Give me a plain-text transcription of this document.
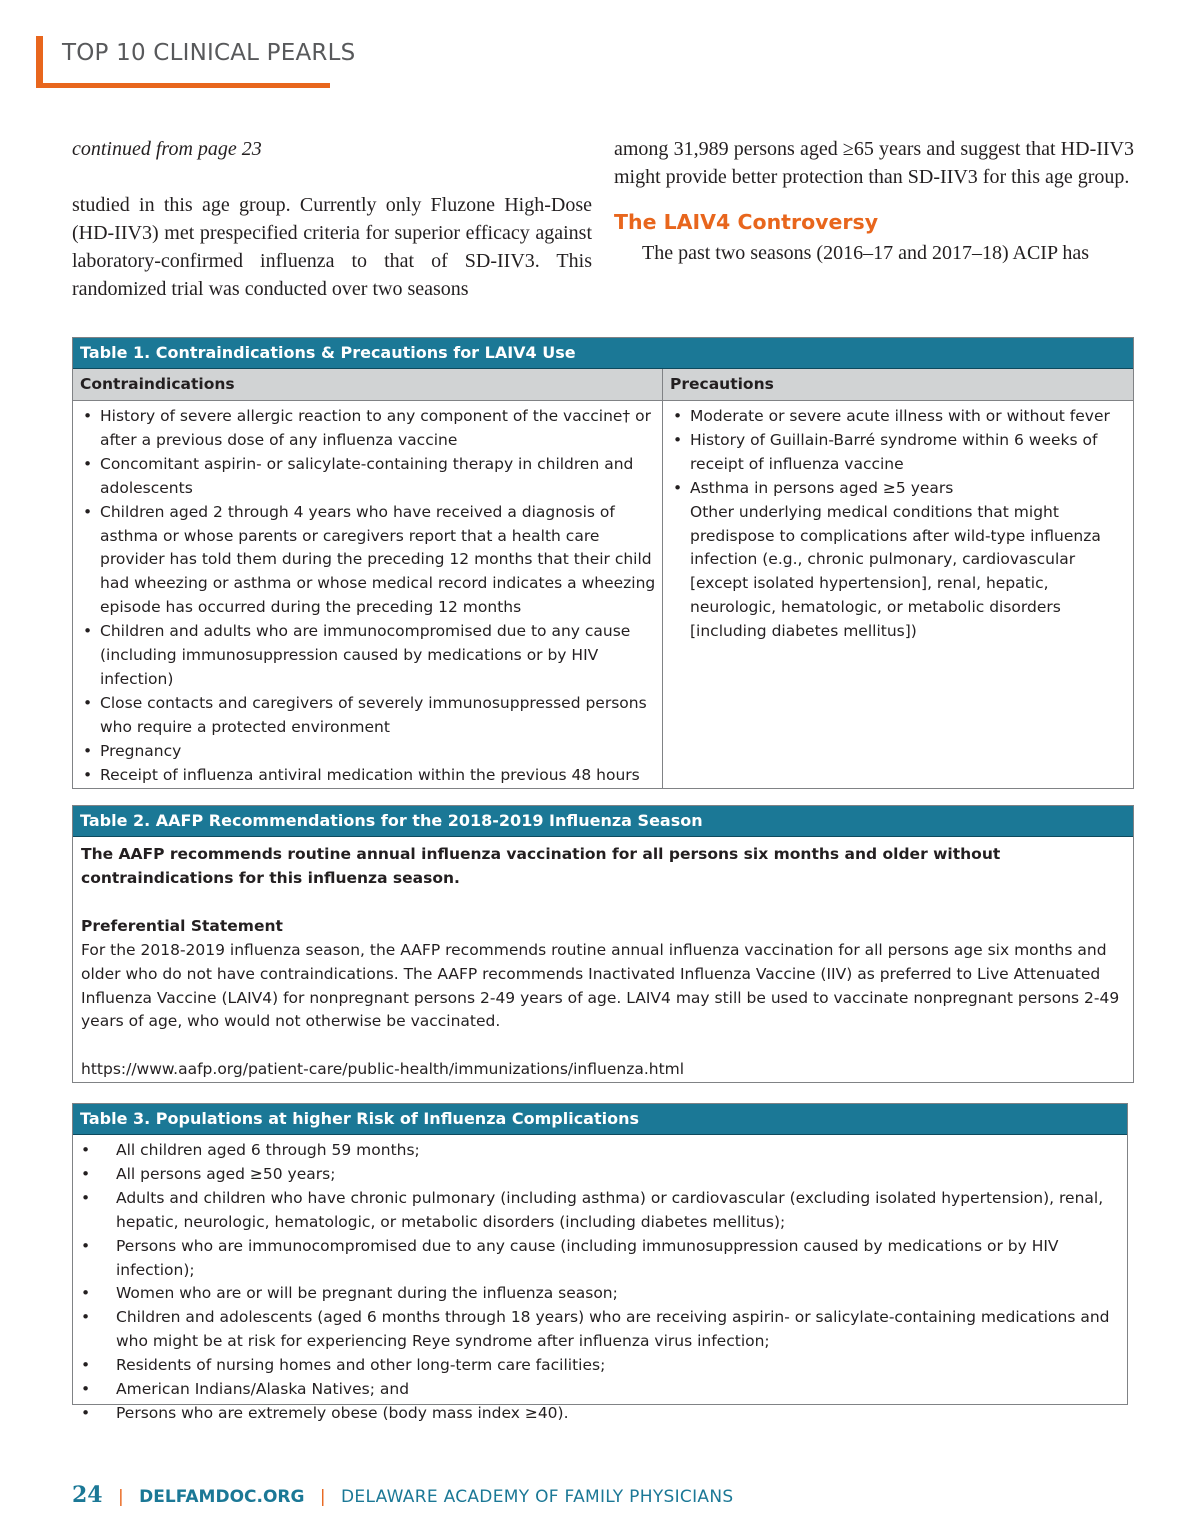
TOP 10 CLINICAL PEARLS

continued from page 23

studied in this age group. Currently only Fluzone High-Dose (HD-IIV3) met prespecified criteria for superior efficacy against laboratory-confirmed influenza to that of SD-IIV3. This randomized trial was conducted over two seasons

among 31,989 persons aged ≥65 years and suggest that HD-IIV3 might provide better protection than SD-IIV3 for this age group.

The LAIV4 Controversy

The past two seasons (2016–17 and 2017–18) ACIP has

Table 1. Contraindications & Precautions for LAIV4 Use
Contraindications	Precautions
• History of severe allergic reaction to any component of the vaccine† or after a previous dose of any influenza vaccine
• Concomitant aspirin- or salicylate-containing therapy in children and adolescents
• Children aged 2 through 4 years who have received a diagnosis of asthma or whose parents or caregivers report that a health care provider has told them during the preceding 12 months that their child had wheezing or asthma or whose medical record indicates a wheezing episode has occurred during the preceding 12 months
• Children and adults who are immunocompromised due to any cause (including immunosuppression caused by medications or by HIV infection)
• Close contacts and caregivers of severely immunosuppressed persons who require a protected environment
• Pregnancy
• Receipt of influenza antiviral medication within the previous 48 hours
• Moderate or severe acute illness with or without fever
• History of Guillain-Barré syndrome within 6 weeks of receipt of influenza vaccine
• Asthma in persons aged ≥5 years
Other underlying medical conditions that might predispose to complications after wild-type influenza infection (e.g., chronic pulmonary, cardiovascular [except isolated hypertension], renal, hepatic, neurologic, hematologic, or metabolic disorders [including diabetes mellitus])
Table 2. AAFP Recommendations for the 2018-2019 Influenza Season

The AAFP recommends routine annual influenza vaccination for all persons six months and older without contraindications for this influenza season.

Preferential Statement

For the 2018-2019 influenza season, the AAFP recommends routine annual influenza vaccination for all persons age six months and older who do not have contraindications. The AAFP recommends Inactivated Influenza Vaccine (IIV) as preferred to Live Attenuated Influenza Vaccine (LAIV4) for nonpregnant persons 2-49 years of age. LAIV4 may still be used to vaccinate nonpregnant persons 2-49 years of age, who would not otherwise be vaccinated.

https://www.aafp.org/patient-care/public-health/immunizations/influenza.html

Table 3. Populations at higher Risk of Influenza Complications
• All children aged 6 through 59 months;
• All persons aged ≥50 years;
• Adults and children who have chronic pulmonary (including asthma) or cardiovascular (excluding isolated hypertension), renal, hepatic, neurologic, hematologic, or metabolic disorders (including diabetes mellitus);
• Persons who are immunocompromised due to any cause (including immunosuppression caused by medications or by HIV infection);
• Women who are or will be pregnant during the influenza season;
• Children and adolescents (aged 6 months through 18 years) who are receiving aspirin- or salicylate-containing medications and who might be at risk for experiencing Reye syndrome after influenza virus infection;
• Residents of nursing homes and other long-term care facilities;
• American Indians/Alaska Natives; and
• Persons who are extremely obese (body mass index ≥40).
24 | DELFAMDOC.ORG | DELAWARE ACADEMY OF FAMILY PHYSICIANS
